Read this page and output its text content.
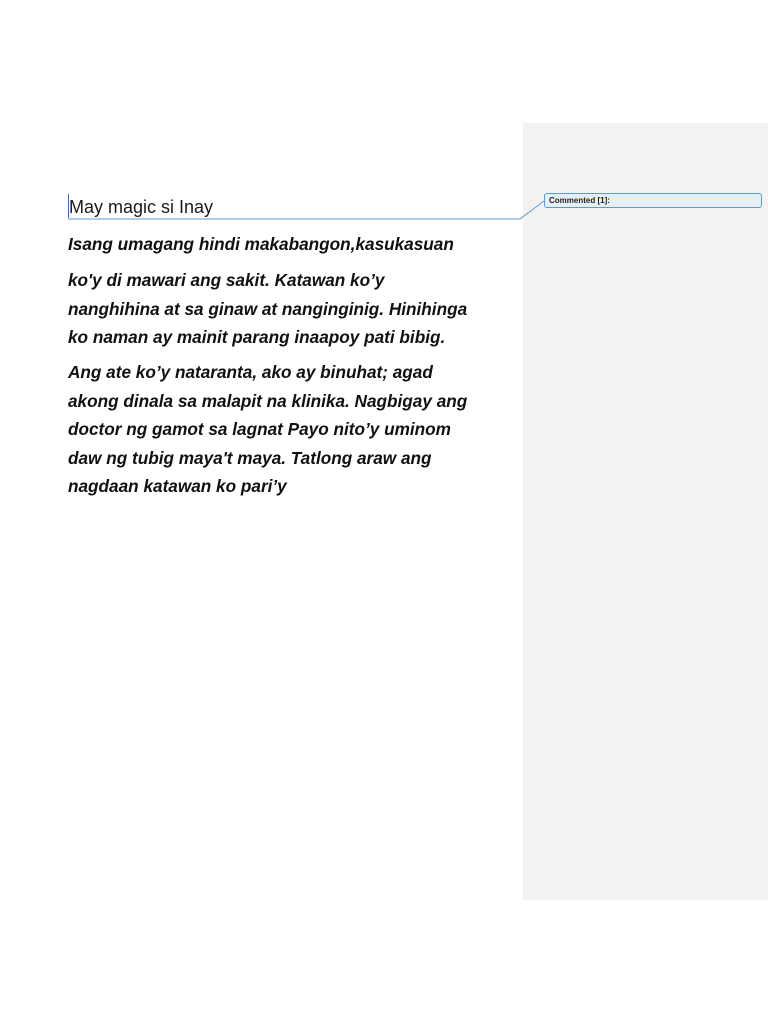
Commented [1]:
May magic si Inay

Isang umagang hindi makabangon,kasukasuan

ko'y di mawari ang sakit. Katawan ko’y
nanghihina at sa ginaw at nanginginig. Hinihinga
ko naman ay mainit parang inaapoy pati bibig.

Ang ate ko’y nataranta, ako ay binuhat; agad
akong dinala sa malapit na klinika. Nagbigay ang
doctor ng gamot sa lagnat Payo nito’y uminom
daw ng tubig maya't maya. Tatlong araw ang
nagdaan katawan ko pari’y
